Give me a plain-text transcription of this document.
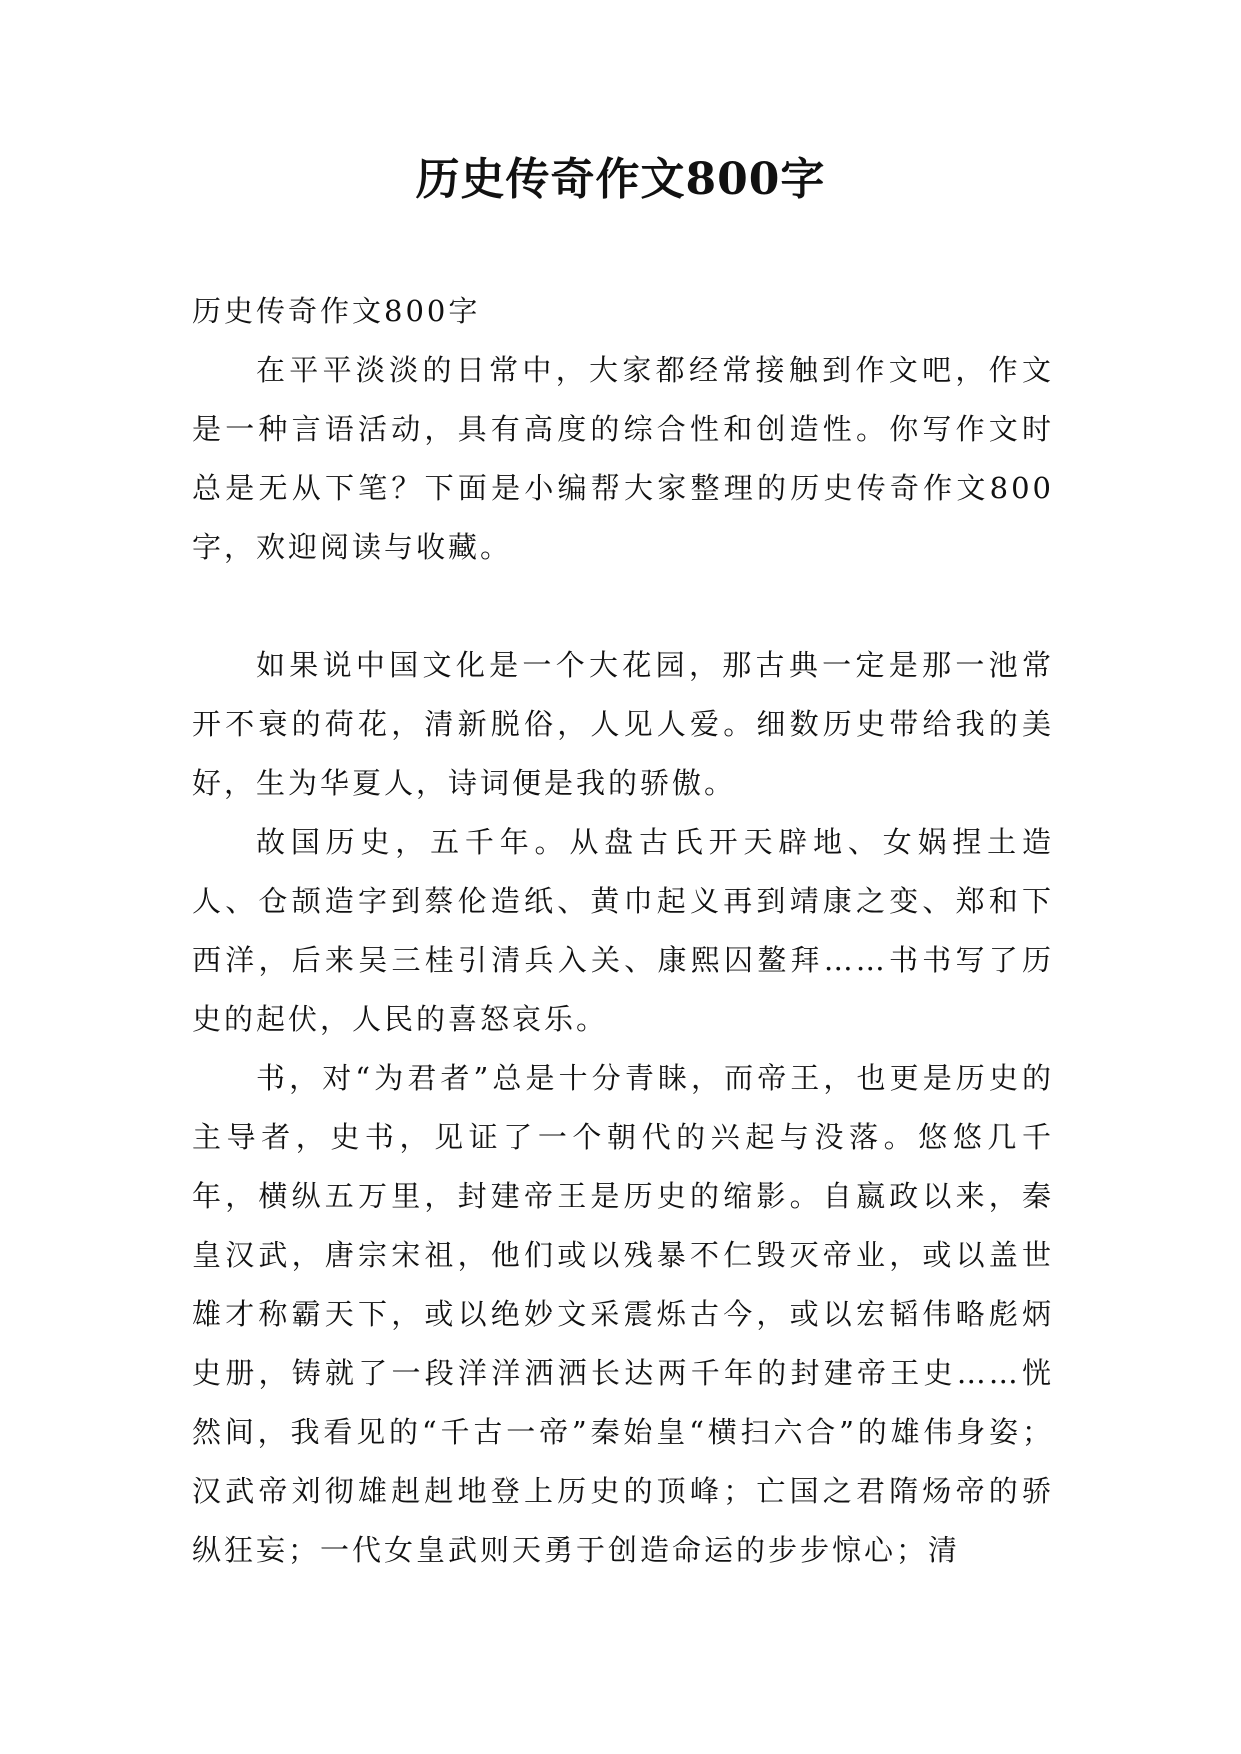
历史传奇作文800字

历史传奇作文800字

在平平淡淡的日常中，大家都经常接触到作文吧，作文是一种言语活动，具有高度的综合性和创造性。你写作文时总是无从下笔？下面是小编帮大家整理的历史传奇作文800字，欢迎阅读与收藏。

如果说中国文化是一个大花园，那古典一定是那一池常开不衰的荷花，清新脱俗，人见人爱。细数历史带给我的美好，生为华夏人，诗词便是我的骄傲。

故国历史，五千年。从盘古氏开天辟地、女娲捏土造人、仓颉造字到蔡伦造纸、黄巾起义再到靖康之变、郑和下西洋，后来吴三桂引清兵入关、康熙囚鳌拜……书书写了历史的起伏，人民的喜怒哀乐。

书，对“为君者”总是十分青睐，而帝王，也更是历史的主导者，史书，见证了一个朝代的兴起与没落。悠悠几千年，横纵五万里，封建帝王是历史的缩影。自嬴政以来，秦皇汉武，唐宗宋祖，他们或以残暴不仁毁灭帝业，或以盖世雄才称霸天下，或以绝妙文采震烁古今，或以宏韬伟略彪炳史册，铸就了一段洋洋洒洒长达两千年的封建帝王史……恍然间，我看见的“千古一帝”秦始皇“横扫六合”的雄伟身姿；汉武帝刘彻雄赳赳地登上历史的顶峰；亡国之君隋炀帝的骄纵狂妄；一代女皇武则天勇于创造命运的步步惊心；清
